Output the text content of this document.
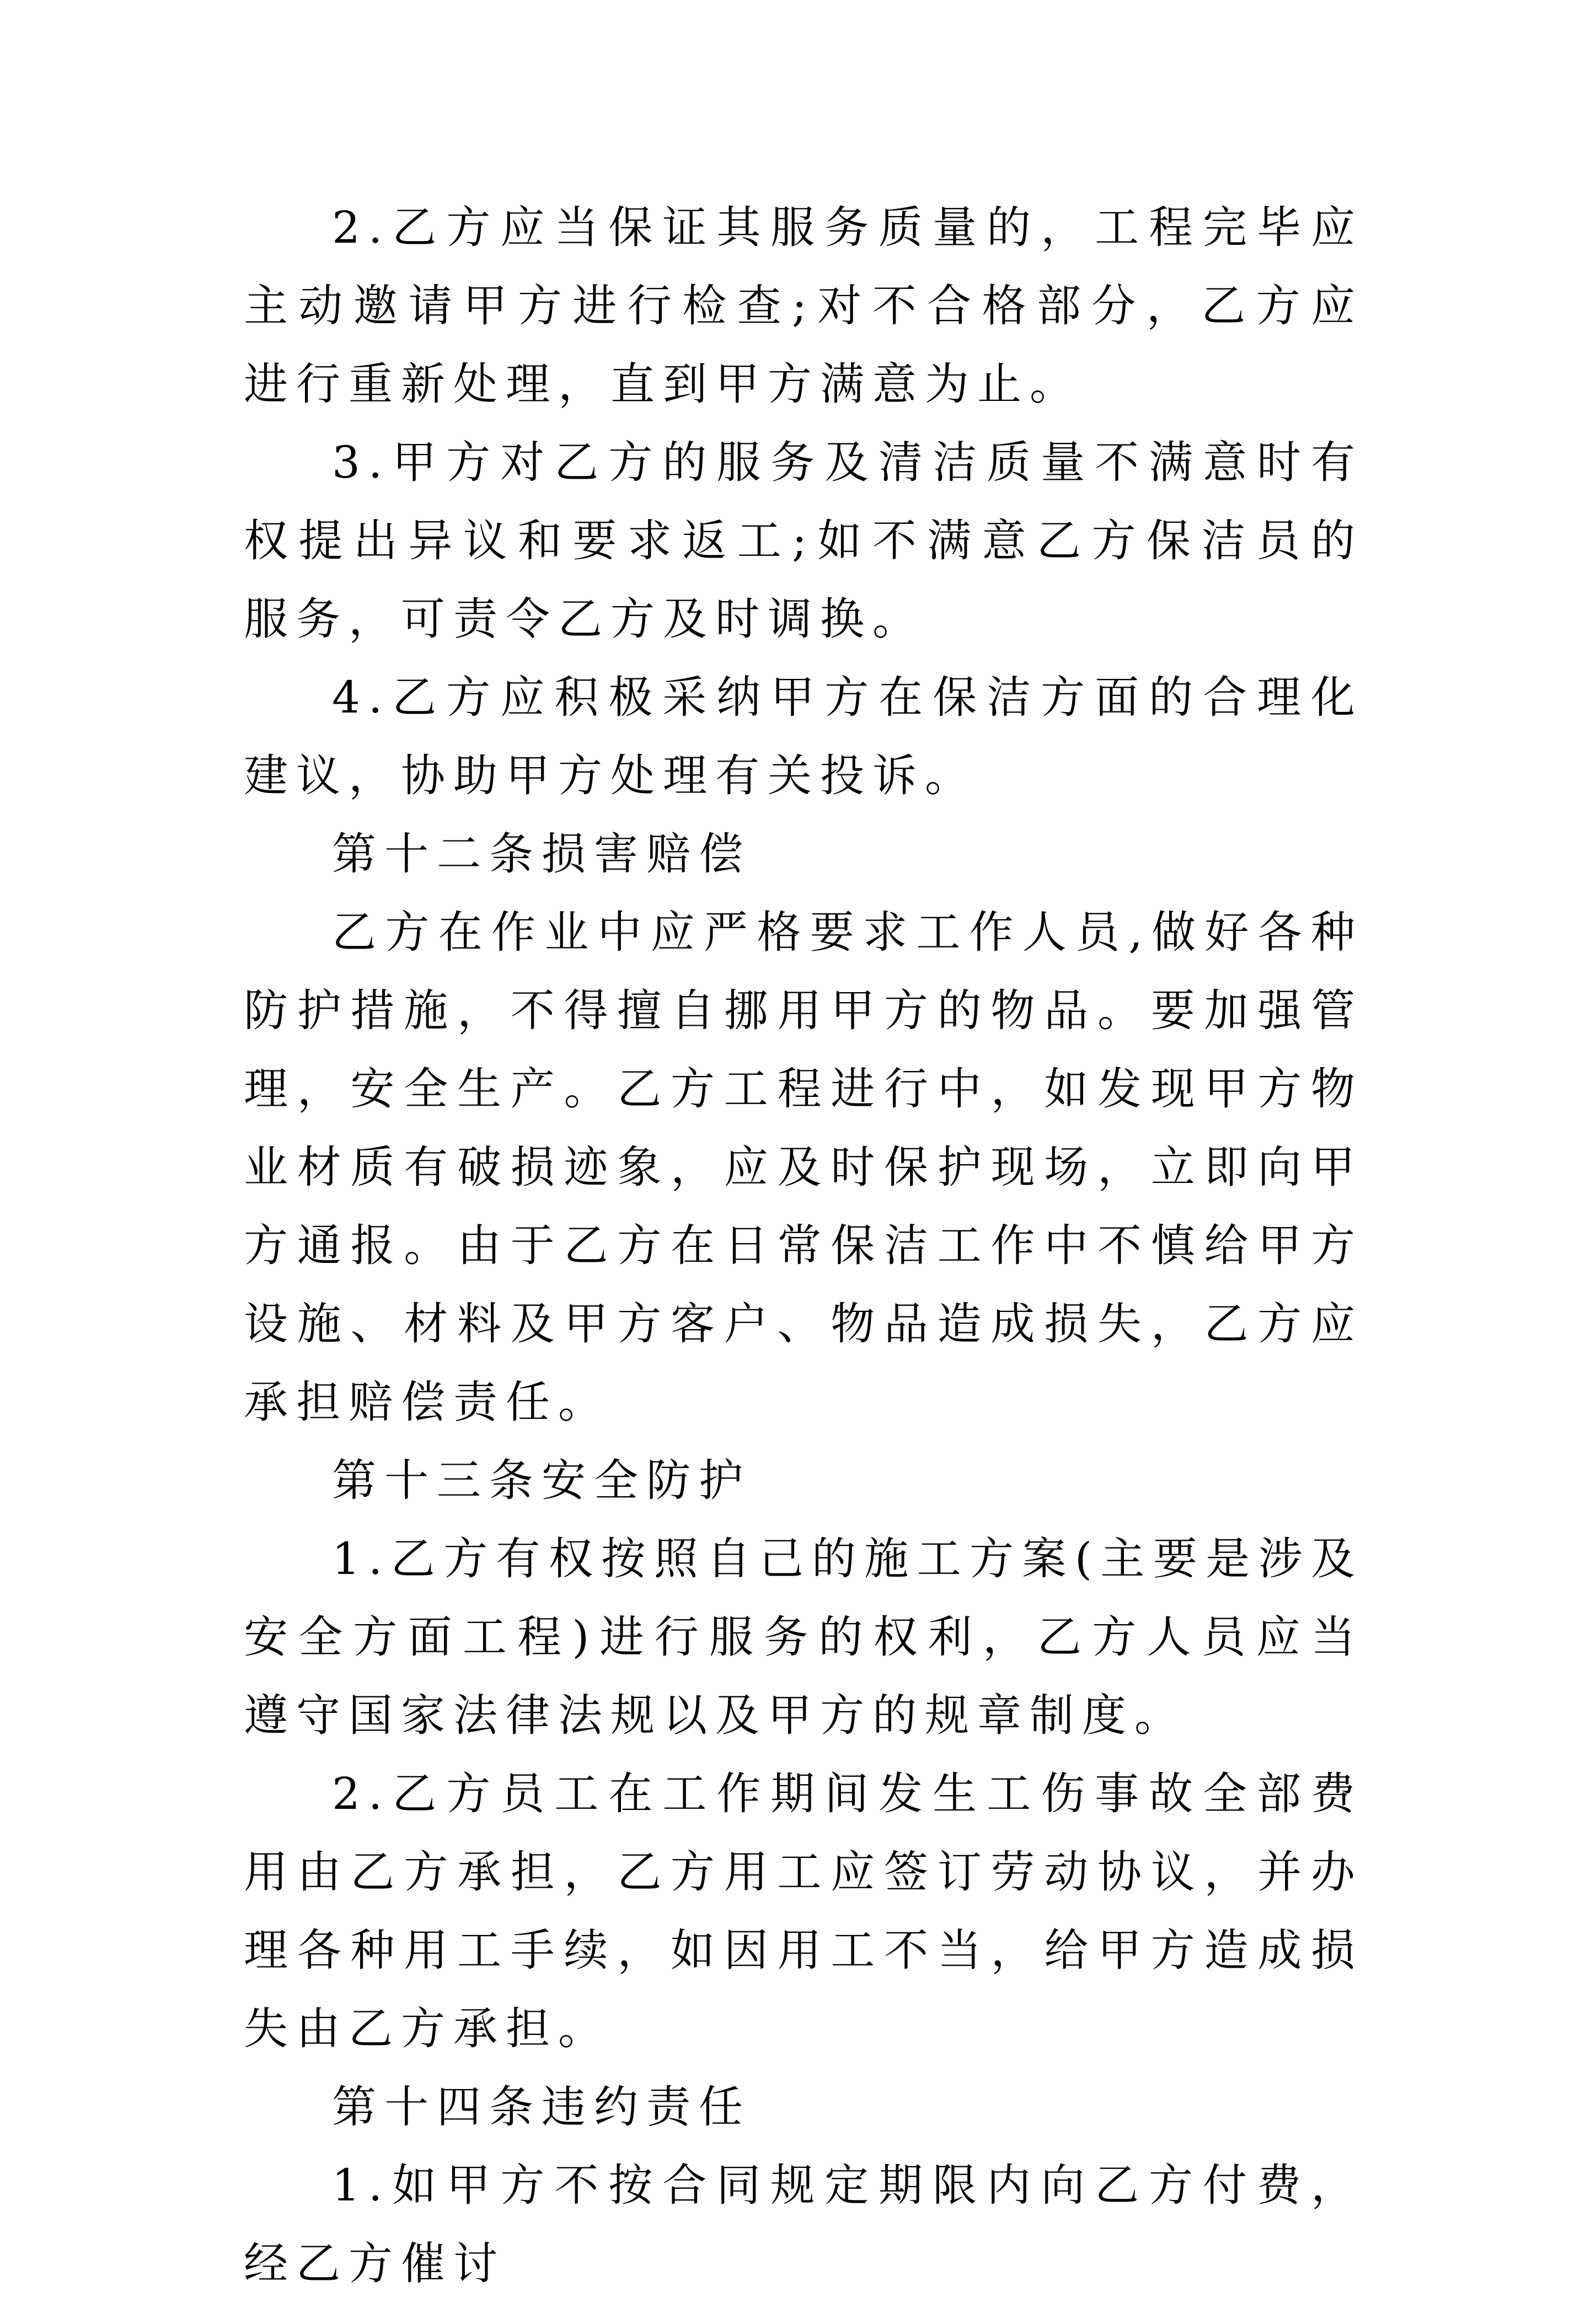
2.乙方应当保证其服务质量的，工程完毕应主动邀请甲方进行检查;对不合格部分，乙方应进行重新处理，直到甲方满意为止。

3.甲方对乙方的服务及清洁质量不满意时有权提出异议和要求返工;如不满意乙方保洁员的服务，可责令乙方及时调换。

4.乙方应积极采纳甲方在保洁方面的合理化建议，协助甲方处理有关投诉。

第十二条损害赔偿

乙方在作业中应严格要求工作人员,做好各种防护措施，不得擅自挪用甲方的物品。要加强管理，安全生产。乙方工程进行中，如发现甲方物业材质有破损迹象，应及时保护现场，立即向甲方通报。由于乙方在日常保洁工作中不慎给甲方设施、材料及甲方客户、物品造成损失，乙方应承担赔偿责任。

第十三条安全防护

1.乙方有权按照自己的施工方案(主要是涉及安全方面工程)进行服务的权利，乙方人员应当遵守国家法律法规以及甲方的规章制度。

2.乙方员工在工作期间发生工伤事故全部费用由乙方承担，乙方用工应签订劳动协议，并办理各种用工手续，如因用工不当，给甲方造成损失由乙方承担。

第十四条违约责任

1.如甲方不按合同规定期限内向乙方付费，经乙方催讨
